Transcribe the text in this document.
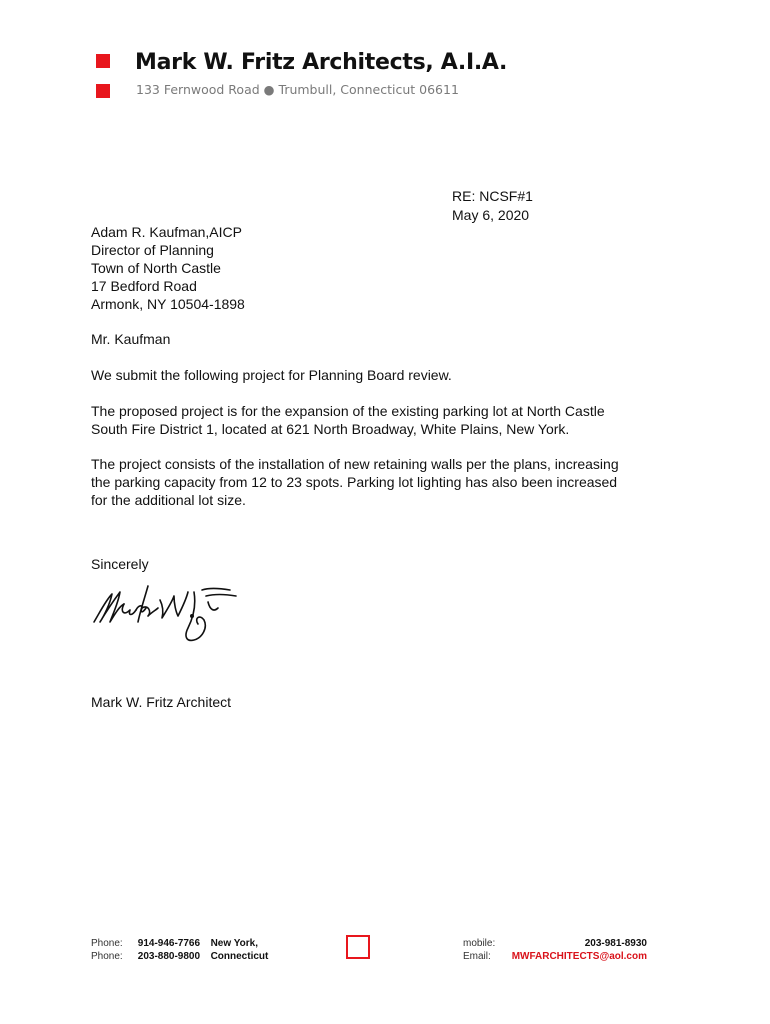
Mark W. Fritz Architects, A.I.A.
133 Fernwood Road ● Trumbull, Connecticut 06611
RE: NCSF#1
May 6, 2020
Adam R. Kaufman,AICP
Director of Planning
Town of North Castle
17 Bedford Road
Armonk, NY 10504-1898
Mr. Kaufman
We submit the following project for Planning Board review.
The proposed project is for the expansion of the existing parking lot at North Castle
South Fire District 1, located at 621 North Broadway, White Plains, New York.
The project consists of the installation of new retaining walls per the plans, increasing
the parking capacity from 12 to 23 spots. Parking lot lighting has also been increased
for the additional lot size.
Sincerely
Mark W. Fritz Architect
Phone: 914-946-7766 New York,
Phone: 203-880-9800 Connecticut
mobile:	203-981-8930
Email: MWFARCHITECTS@aol.com
